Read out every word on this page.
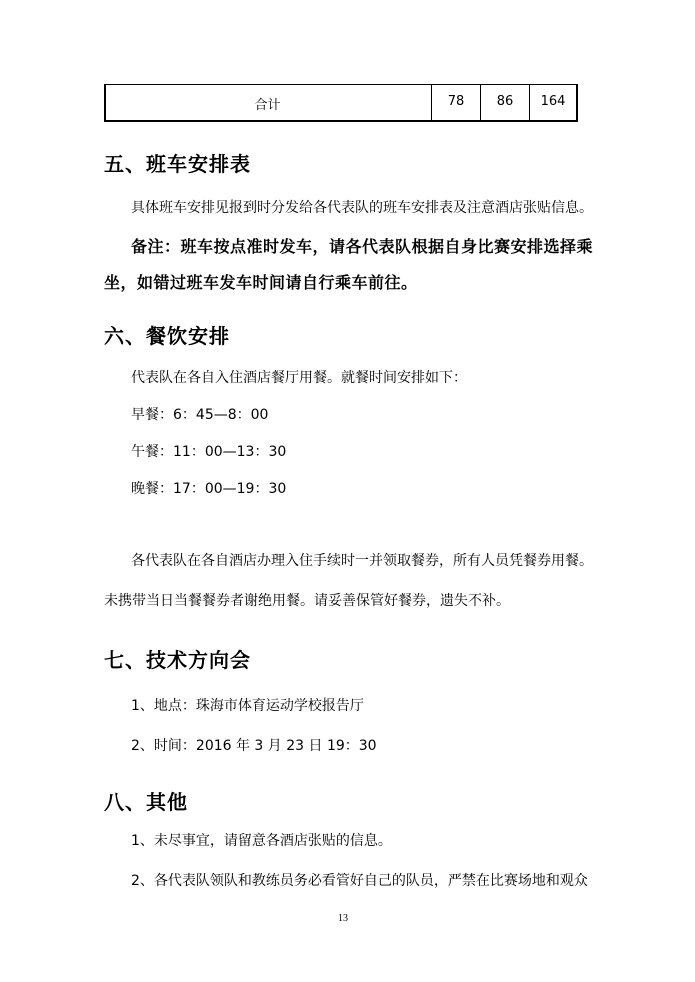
合计	78	86	164
五、班车安排表
具体班车安排见报到时分发给各代表队的班车安排表及注意酒店张贴信息。
备注：班车按点准时发车，请各代表队根据自身比赛安排选择乘
坐，如错过班车发车时间请自行乘车前往。
六、餐饮安排
代表队在各自入住酒店餐厅用餐。就餐时间安排如下：
早餐：6：45—8：00
午餐：11：00—13：30
晚餐：17：00—19：30
各代表队在各自酒店办理入住手续时一并领取餐券，所有人员凭餐券用餐。
未携带当日当餐餐券者谢绝用餐。请妥善保管好餐券，遗失不补。
七、技术方向会
1、地点：珠海市体育运动学校报告厅
2、时间：2016 年 3 月 23 日 19：30
八、其他
1、未尽事宜，请留意各酒店张贴的信息。
2、各代表队领队和教练员务必看管好自己的队员，严禁在比赛场地和观众
13
